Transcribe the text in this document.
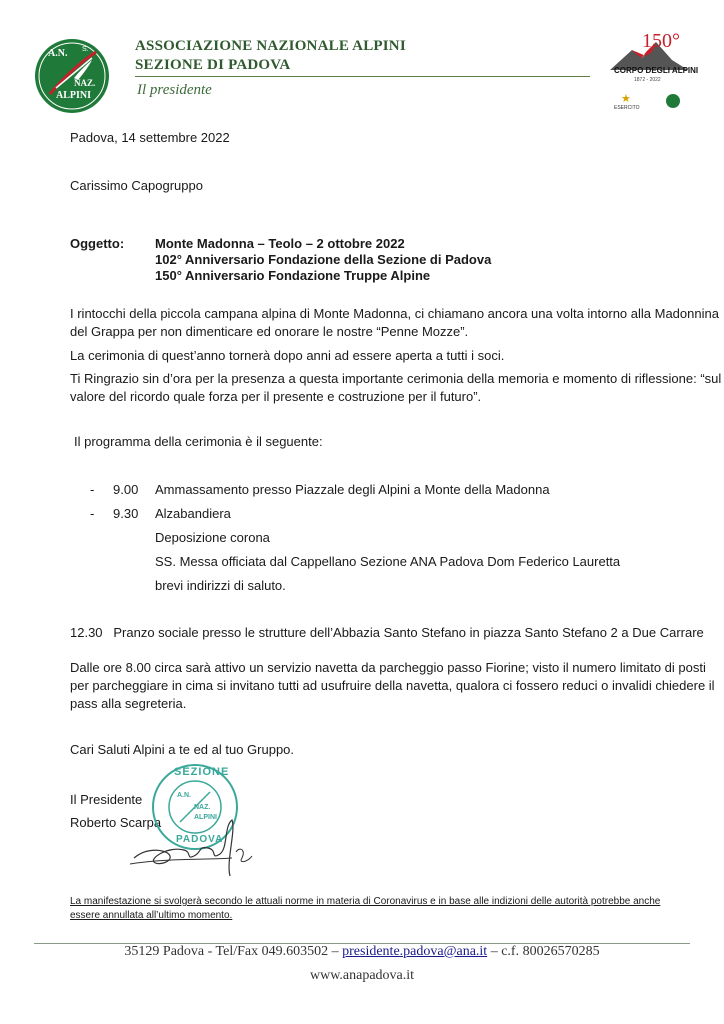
A.N. S.
NAZ.
ALPINI
ASSOCIAZIONE NAZIONALE ALPINI
SEZIONE DI PADOVA
Il presidente
150°
CORPO DEGLI ALPINI
1872 - 2022
★
ESERCITO
Padova, 14 settembre 2022
Carissimo Capogruppo
Oggetto: Monte Madonna – Teolo – 2 ottobre 2022
102° Anniversario Fondazione della Sezione di Padova
150° Anniversario Fondazione Truppe Alpine
I rintocchi della piccola campana alpina di Monte Madonna, ci chiamano ancora una volta intorno alla Madonnina
del Grappa per non dimenticare ed onorare le nostre “Penne Mozze”.
La cerimonia di quest’anno tornerà dopo anni ad essere aperta a tutti i soci.
Ti Ringrazio sin d’ora per la presenza a questa importante cerimonia della memoria e momento di riflessione: “sul
valore del ricordo quale forza per il presente e costruzione per il futuro”.
Il programma della cerimonia è il seguente:
- 9.00 Ammassamento presso Piazzale degli Alpini a Monte della Madonna
- 9.30 Alzabandiera
Deposizione corona
SS. Messa officiata dal Cappellano Sezione ANA Padova Dom Federico Lauretta
brevi indirizzi di saluto.
12.30   Pranzo sociale presso le strutture dell’Abbazia Santo Stefano in piazza Santo Stefano 2 a Due Carrare
Dalle ore 8.00 circa sarà attivo un servizio navetta da parcheggio passo Fiorine; visto il numero limitato di posti
per parcheggiare in cima si invitano tutti ad usufruire della navetta, qualora ci fossero reduci o invalidi chiedere il
pass alla segreteria.
Cari Saluti Alpini a te ed al tuo Gruppo.
Il Presidente
Roberto Scarpa
SEZIONE
A.N.
NAZ.
ALPINI
PADOVA
La manifestazione si svolgerà secondo le attuali norme in materia di Coronavirus e in base alle indizioni delle autorità potrebbe anche
essere annullata all’ultimo momento.
35129 Padova - Tel/Fax 049.603502 – presidente.padova@ana.it – c.f. 80026570285
www.anapadova.it
